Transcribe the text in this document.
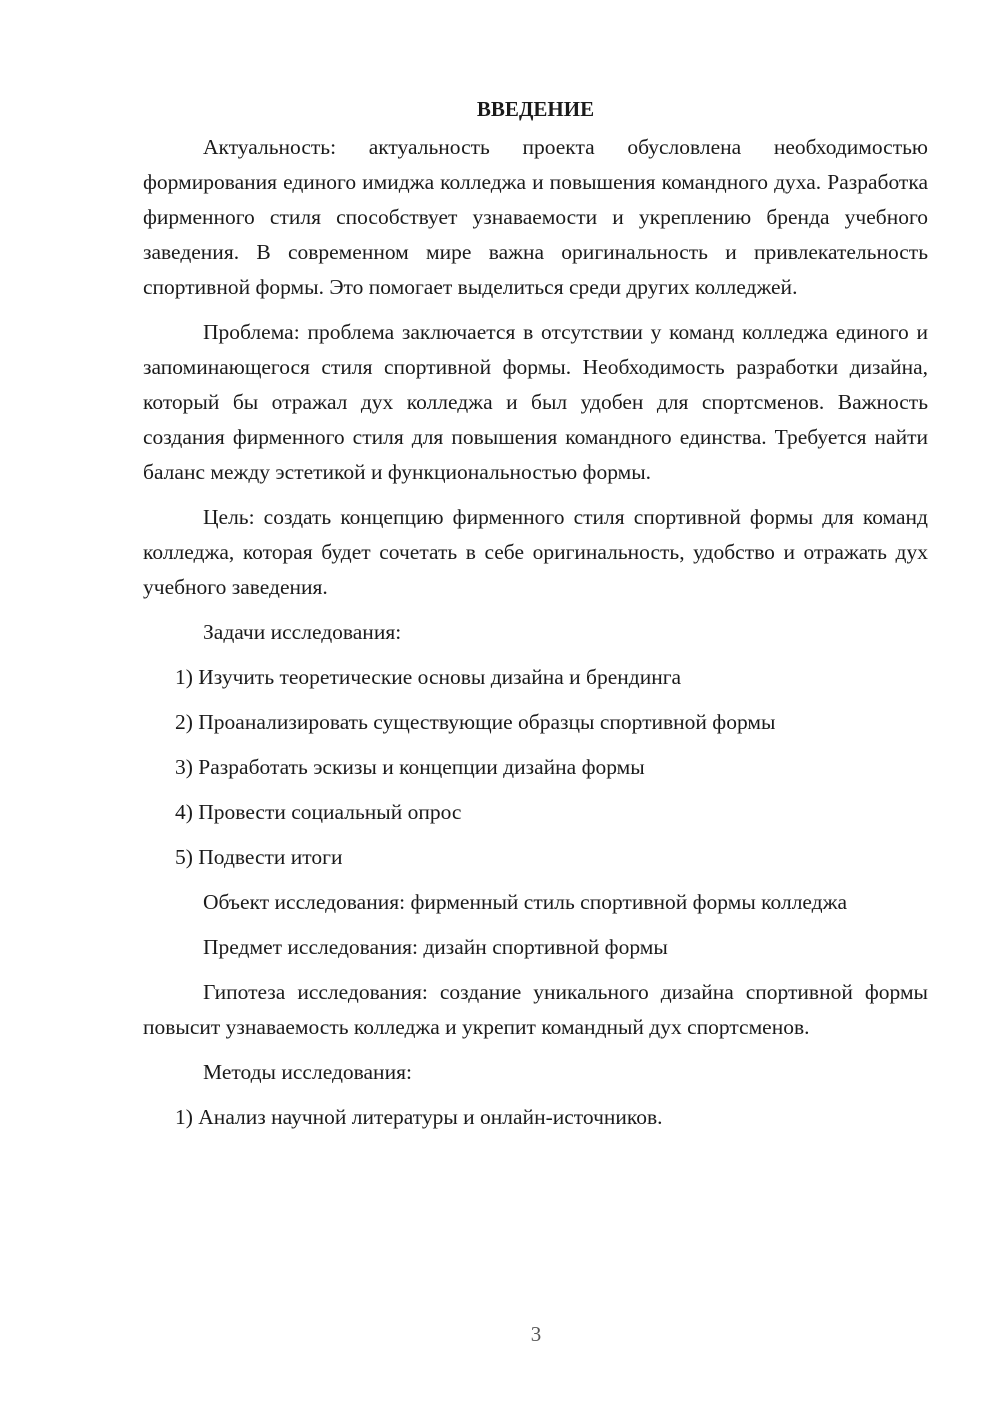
ВВЕДЕНИЕ

Актуальность: актуальность проекта обусловлена необходимостью формирования единого имиджа колледжа и повышения командного духа. Разработка фирменного стиля способствует узнаваемости и укреплению бренда учебного заведения. В современном мире важна оригинальность и привлекательность спортивной формы. Это помогает выделиться среди других колледжей.

Проблема: проблема заключается в отсутствии у команд колледжа единого и запоминающегося стиля спортивной формы. Необходимость разработки дизайна, который бы отражал дух колледжа и был удобен для спортсменов. Важность создания фирменного стиля для повышения командного единства. Требуется найти баланс между эстетикой и функциональностью формы.

Цель: создать концепцию фирменного стиля спортивной формы для команд колледжа, которая будет сочетать в себе оригинальность, удобство и отражать дух учебного заведения.

Задачи исследования:

1) Изучить теоретические основы дизайна и брендинга

2) Проанализировать существующие образцы спортивной формы

3) Разработать эскизы и концепции дизайна формы

4) Провести социальный опрос

5) Подвести итоги

Объект исследования: фирменный стиль спортивной формы колледжа

Предмет исследования: дизайн спортивной формы

Гипотеза исследования: создание уникального дизайна спортивной формы повысит узнаваемость колледжа и укрепит командный дух спортсменов.

Методы исследования:

1) Анализ научной литературы и онлайн-источников.

3
